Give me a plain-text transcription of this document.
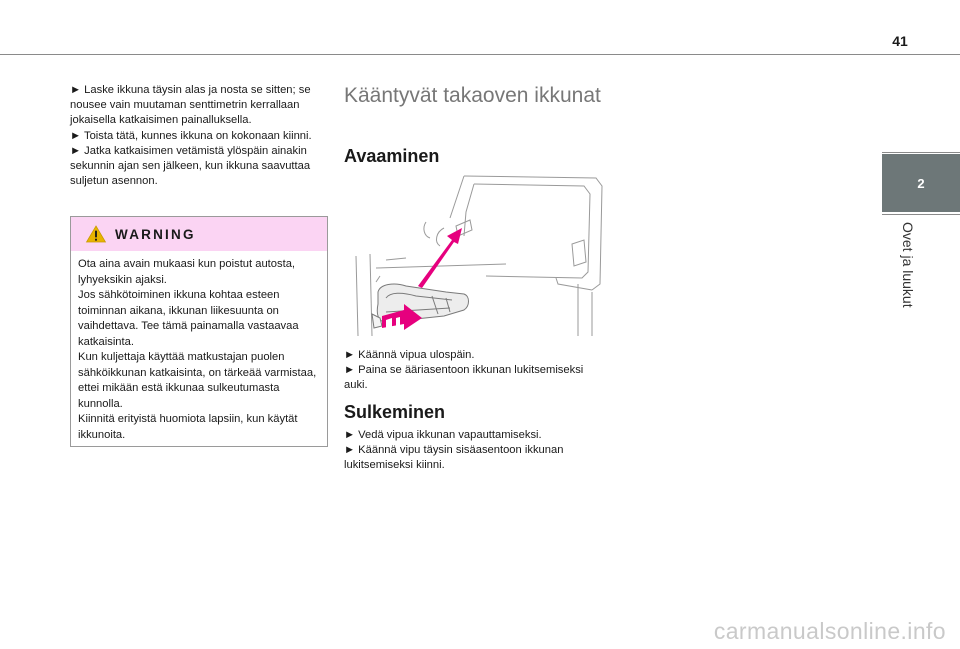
41
2
Ovet ja luukut

► Laske ikkuna täysin alas ja nosta se sitten; se nousee vain muutaman senttimetrin kerrallaan jokaisella katkaisimen painalluksella.

► Toista tätä, kunnes ikkuna on kokonaan kiinni.

► Jatka katkaisimen vetämistä ylöspäin ainakin sekunnin ajan sen jälkeen, kun ikkuna saavuttaa suljetun asennon.

WARNING

Ota aina avain mukaasi kun poistut autosta, lyhyeksikin ajaksi.

Jos sähkötoiminen ikkuna kohtaa esteen toiminnan aikana, ikkunan liikesuunta on vaihdettava. Tee tämä painamalla vastaavaa katkaisinta.

Kun kuljettaja käyttää matkustajan puolen sähköikkunan katkaisinta, on tärkeää varmistaa, ettei mikään estä ikkunaa sulkeutumasta kunnolla.

Kiinnitä erityistä huomiota lapsiin, kun käytät ikkunoita.

Kääntyvät takaoven ikkunat
Avaaminen

► Käännä vipua ulospäin.

► Paina se ääriasentoon ikkunan lukitsemiseksi auki.

Sulkeminen

► Vedä vipua ikkunan vapauttamiseksi.

► Käännä vipu täysin sisäasentoon ikkunan lukitsemiseksi kiinni.

carmanualsonline.info
